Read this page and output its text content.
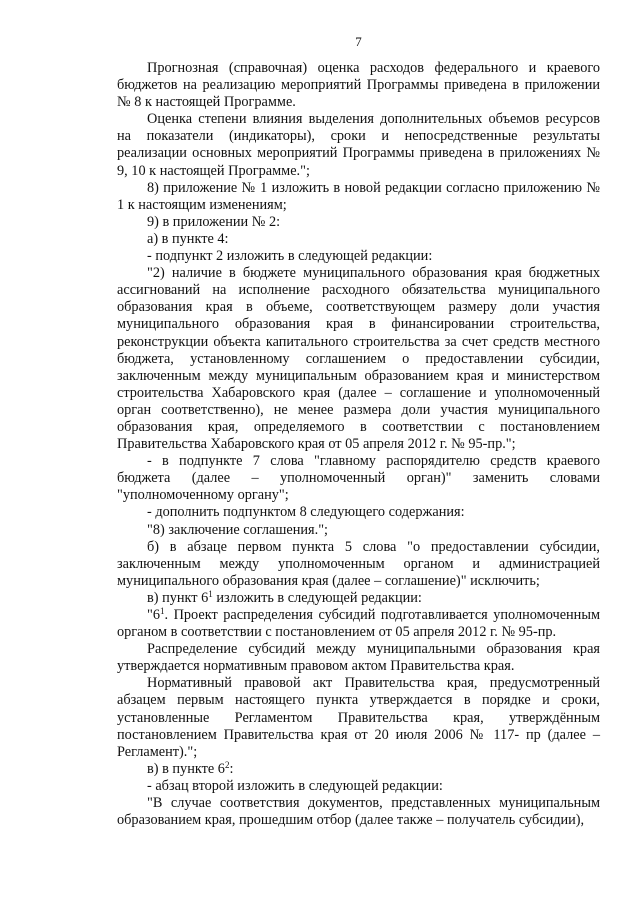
7

Прогнозная (справочная) оценка расходов федерального и краевого бюджетов на реализацию мероприятий Программы приведена в приложении № 8 к настоящей Программе.

Оценка степени влияния выделения дополнительных объемов ресурсов на показатели (индикаторы), сроки и непосредственные результаты реализации основных мероприятий Программы приведена в приложениях № 9, 10 к настоящей Программе.";

8) приложение № 1 изложить в новой редакции согласно приложению № 1 к настоящим изменениям;

9) в приложении № 2:

а) в пункте 4:

- подпункт 2 изложить в следующей редакции:

"2) наличие в бюджете муниципального образования края бюджетных ассигнований на исполнение расходного обязательства муниципального образования края в объеме, соответствующем размеру доли участия муниципального образования края в финансировании строительства, реконструкции объекта капитального строительства за счет средств местного бюджета, установленному соглашением о предоставлении субсидии, заключенным между муниципальным образованием края и министерством строительства Хабаровского края (далее – соглашение и уполномоченный орган соответственно), не менее размера доли участия муниципального образования края, определяемого в соответствии с постановлением Правительства Хабаровского края от 05 апреля 2012 г. № 95-пр.";

- в подпункте 7 слова "главному распорядителю средств краевого бюджета (далее – уполномоченный орган)" заменить словами "уполномоченному органу";

- дополнить подпунктом 8 следующего содержания:

"8) заключение соглашения.";

б) в абзаце первом пункта 5 слова "о предоставлении субсидии, заключенным между уполномоченным органом и администрацией муниципального образования края (далее – соглашение)" исключить;

в) пункт $6^1$ изложить в следующей редакции:

"$6^1$. Проект распределения субсидий подготавливается уполномоченным органом в соответствии с постановлением от 05 апреля 2012 г. № 95-пр.

Распределение субсидий между муниципальными образования края утверждается нормативным правовом актом Правительства края.

Нормативный правовой акт Правительства края, предусмотренный абзацем первым настоящего пункта утверждается в порядке и сроки, установленные Регламентом Правительства края, утверждённым постановлением Правительства края от 20 июля 2006 № 117- пр (далее – Регламент).";

в) в пункте $6^2$:

- абзац второй изложить в следующей редакции:

"В случае соответствия документов, представленных муниципальным образованием края, прошедшим отбор (далее также – получатель субсидии),
